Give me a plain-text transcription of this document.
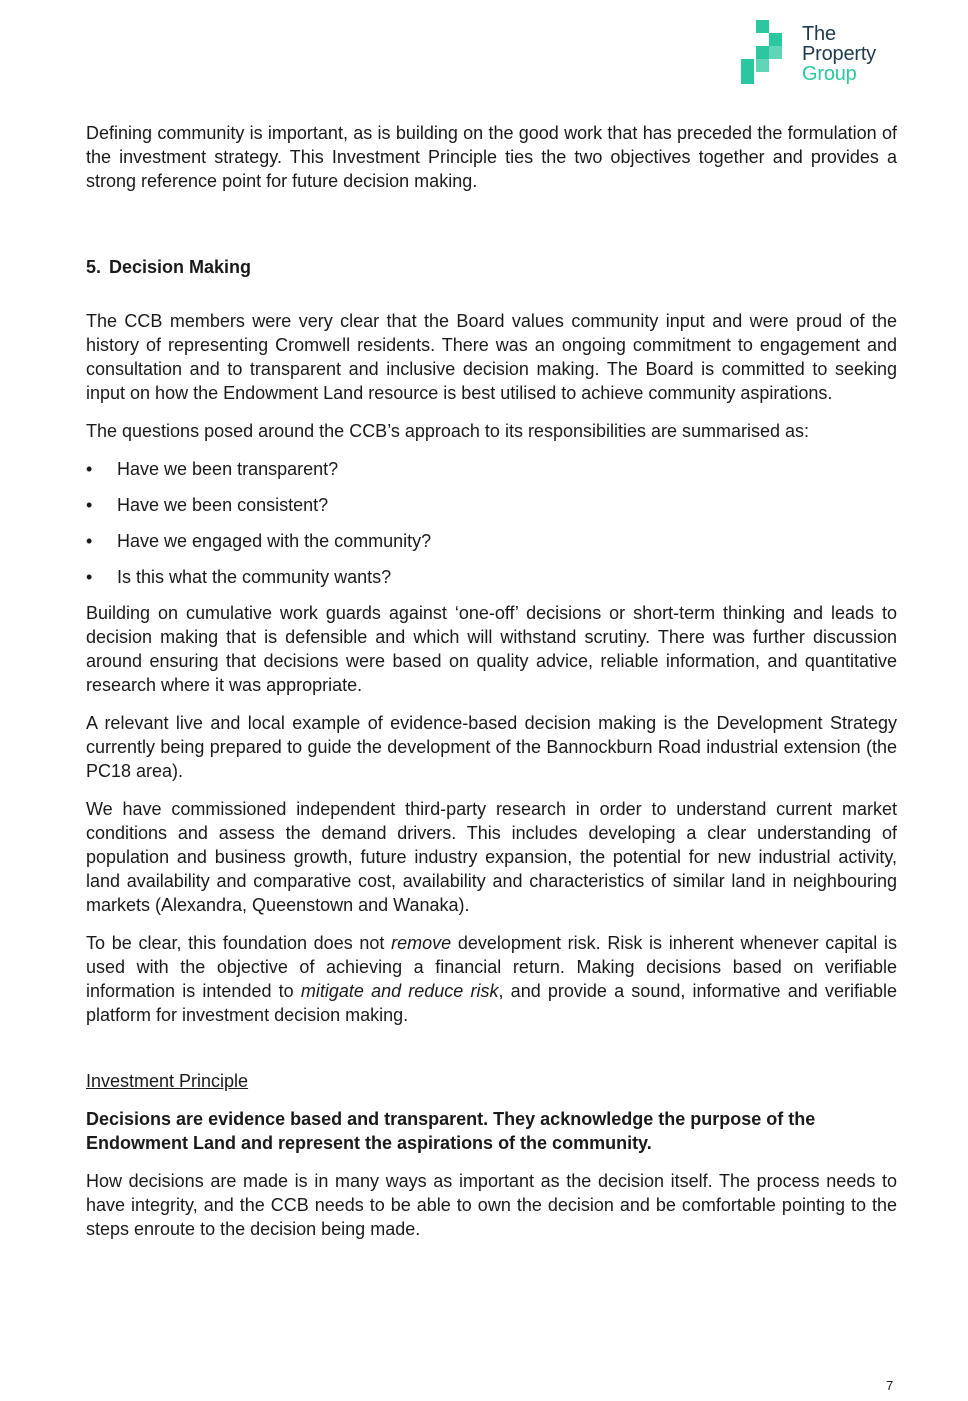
The
Property
Group

Defining community is important, as is building on the good work that has preceded the formulation of the investment strategy. This Investment Principle ties the two objectives together and provides a strong reference point for future decision making.

5. Decision Making

The CCB members were very clear that the Board values community input and were proud of the history of representing Cromwell residents. There was an ongoing commitment to engagement and consultation and to transparent and inclusive decision making. The Board is committed to seeking input on how the Endowment Land resource is best utilised to achieve community aspirations.

The questions posed around the CCB’s approach to its responsibilities are summarised as:

• Have we been transparent?
• Have we been consistent?
• Have we engaged with the community?
• Is this what the community wants?

Building on cumulative work guards against ‘one-off’ decisions or short-term thinking and leads to decision making that is defensible and which will withstand scrutiny. There was further discussion around ensuring that decisions were based on quality advice, reliable information, and quantitative research where it was appropriate.

A relevant live and local example of evidence-based decision making is the Development Strategy currently being prepared to guide the development of the Bannockburn Road industrial extension (the PC18 area).

We have commissioned independent third-party research in order to understand current market conditions and assess the demand drivers. This includes developing a clear understanding of population and business growth, future industry expansion, the potential for new industrial activity, land availability and comparative cost, availability and characteristics of similar land in neighbouring markets (Alexandra, Queenstown and Wanaka).

To be clear, this foundation does not remove development risk. Risk is inherent whenever capital is used with the objective of achieving a financial return. Making decisions based on verifiable information is intended to mitigate and reduce risk, and provide a sound, informative and verifiable platform for investment decision making.

Investment Principle

Decisions are evidence based and transparent. They acknowledge the purpose of the Endowment Land and represent the aspirations of the community.

How decisions are made is in many ways as important as the decision itself. The process needs to have integrity, and the CCB needs to be able to own the decision and be comfortable pointing to the steps enroute to the decision being made.

7
